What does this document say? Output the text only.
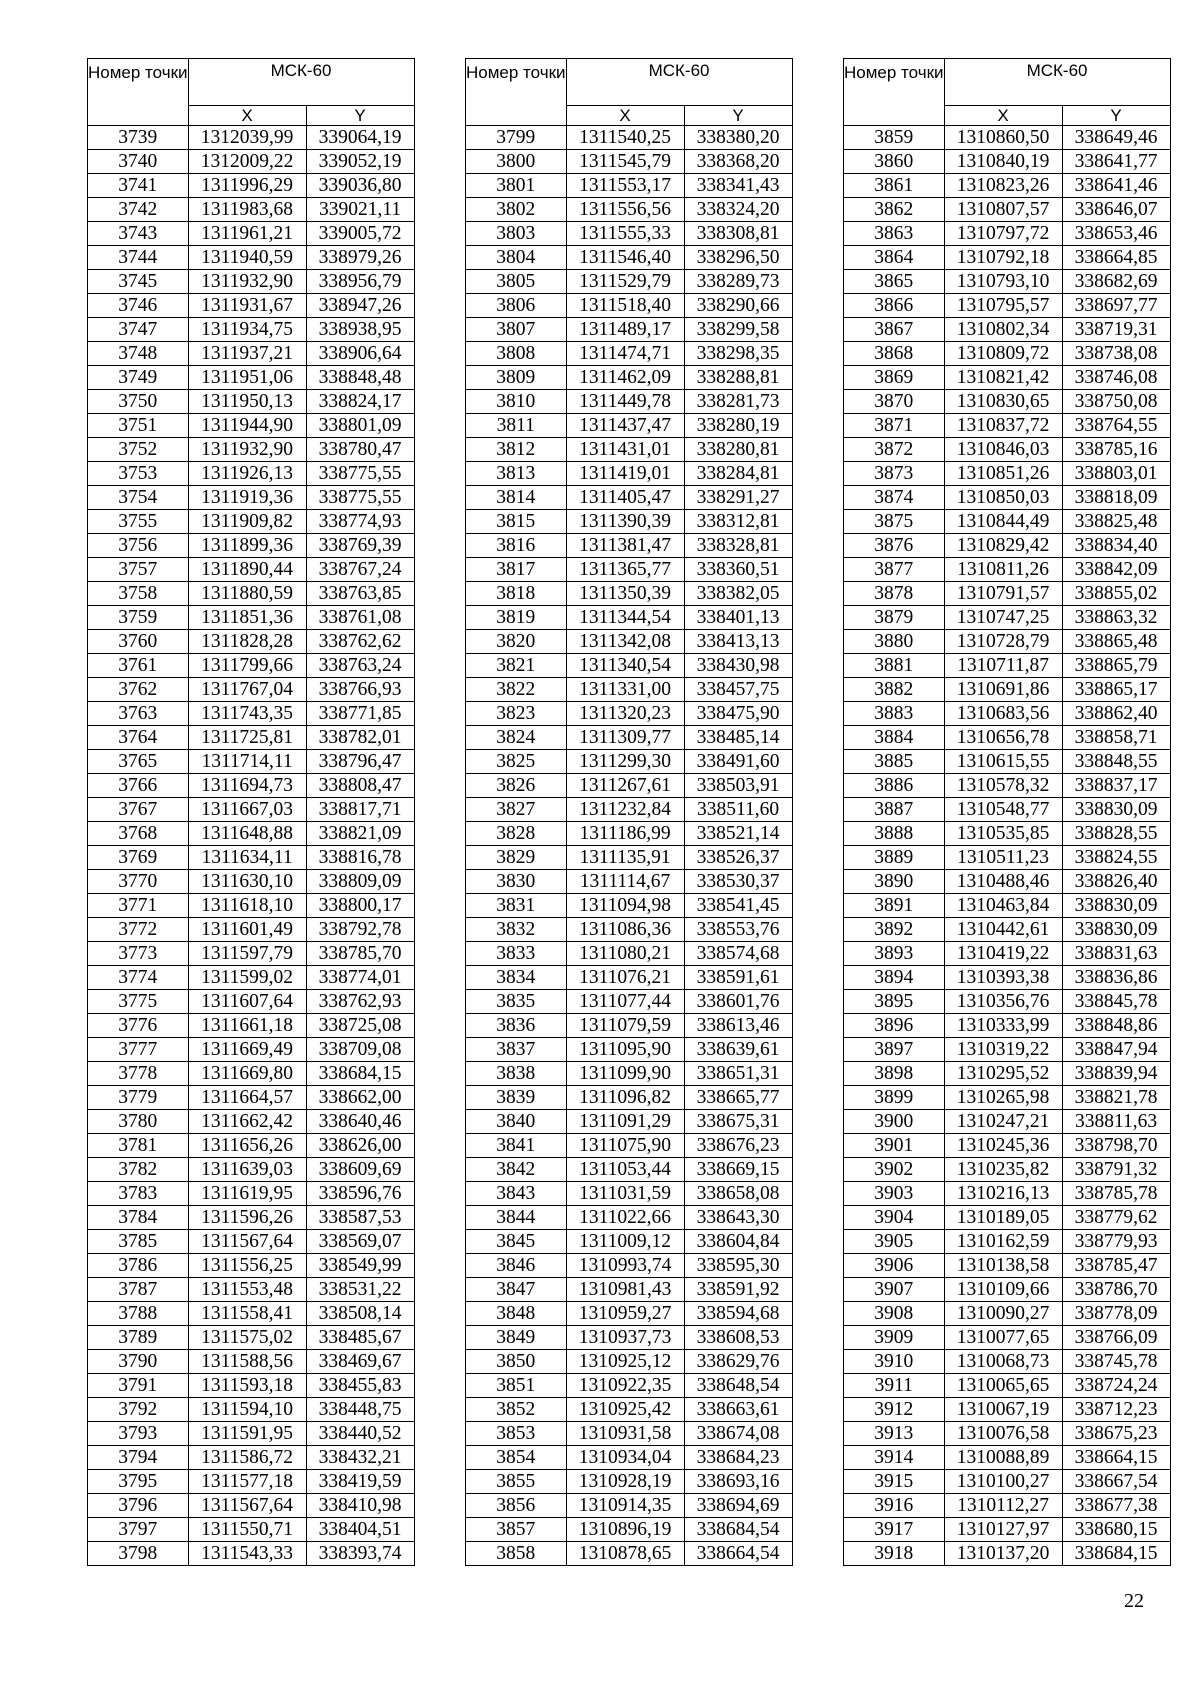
Номер точки	МСК-60	
	X	Y
3739	1312039,99	339064,19
3740	1312009,22	339052,19
3741	1311996,29	339036,80
3742	1311983,68	339021,11
3743	1311961,21	339005,72
3744	1311940,59	338979,26
3745	1311932,90	338956,79
3746	1311931,67	338947,26
3747	1311934,75	338938,95
3748	1311937,21	338906,64
3749	1311951,06	338848,48
3750	1311950,13	338824,17
3751	1311944,90	338801,09
3752	1311932,90	338780,47
3753	1311926,13	338775,55
3754	1311919,36	338775,55
3755	1311909,82	338774,93
3756	1311899,36	338769,39
3757	1311890,44	338767,24
3758	1311880,59	338763,85
3759	1311851,36	338761,08
3760	1311828,28	338762,62
3761	1311799,66	338763,24
3762	1311767,04	338766,93
3763	1311743,35	338771,85
3764	1311725,81	338782,01
3765	1311714,11	338796,47
3766	1311694,73	338808,47
3767	1311667,03	338817,71
3768	1311648,88	338821,09
3769	1311634,11	338816,78
3770	1311630,10	338809,09
3771	1311618,10	338800,17
3772	1311601,49	338792,78
3773	1311597,79	338785,70
3774	1311599,02	338774,01
3775	1311607,64	338762,93
3776	1311661,18	338725,08
3777	1311669,49	338709,08
3778	1311669,80	338684,15
3779	1311664,57	338662,00
3780	1311662,42	338640,46
3781	1311656,26	338626,00
3782	1311639,03	338609,69
3783	1311619,95	338596,76
3784	1311596,26	338587,53
3785	1311567,64	338569,07
3786	1311556,25	338549,99
3787	1311553,48	338531,22
3788	1311558,41	338508,14
3789	1311575,02	338485,67
3790	1311588,56	338469,67
3791	1311593,18	338455,83
3792	1311594,10	338448,75
3793	1311591,95	338440,52
3794	1311586,72	338432,21
3795	1311577,18	338419,59
3796	1311567,64	338410,98
3797	1311550,71	338404,51
3798	1311543,33	338393,74
Номер точки	МСК-60	
	X	Y
3799	1311540,25	338380,20
3800	1311545,79	338368,20
3801	1311553,17	338341,43
3802	1311556,56	338324,20
3803	1311555,33	338308,81
3804	1311546,40	338296,50
3805	1311529,79	338289,73
3806	1311518,40	338290,66
3807	1311489,17	338299,58
3808	1311474,71	338298,35
3809	1311462,09	338288,81
3810	1311449,78	338281,73
3811	1311437,47	338280,19
3812	1311431,01	338280,81
3813	1311419,01	338284,81
3814	1311405,47	338291,27
3815	1311390,39	338312,81
3816	1311381,47	338328,81
3817	1311365,77	338360,51
3818	1311350,39	338382,05
3819	1311344,54	338401,13
3820	1311342,08	338413,13
3821	1311340,54	338430,98
3822	1311331,00	338457,75
3823	1311320,23	338475,90
3824	1311309,77	338485,14
3825	1311299,30	338491,60
3826	1311267,61	338503,91
3827	1311232,84	338511,60
3828	1311186,99	338521,14
3829	1311135,91	338526,37
3830	1311114,67	338530,37
3831	1311094,98	338541,45
3832	1311086,36	338553,76
3833	1311080,21	338574,68
3834	1311076,21	338591,61
3835	1311077,44	338601,76
3836	1311079,59	338613,46
3837	1311095,90	338639,61
3838	1311099,90	338651,31
3839	1311096,82	338665,77
3840	1311091,29	338675,31
3841	1311075,90	338676,23
3842	1311053,44	338669,15
3843	1311031,59	338658,08
3844	1311022,66	338643,30
3845	1311009,12	338604,84
3846	1310993,74	338595,30
3847	1310981,43	338591,92
3848	1310959,27	338594,68
3849	1310937,73	338608,53
3850	1310925,12	338629,76
3851	1310922,35	338648,54
3852	1310925,42	338663,61
3853	1310931,58	338674,08
3854	1310934,04	338684,23
3855	1310928,19	338693,16
3856	1310914,35	338694,69
3857	1310896,19	338684,54
3858	1310878,65	338664,54
Номер точки	МСК-60	
	X	Y
3859	1310860,50	338649,46
3860	1310840,19	338641,77
3861	1310823,26	338641,46
3862	1310807,57	338646,07
3863	1310797,72	338653,46
3864	1310792,18	338664,85
3865	1310793,10	338682,69
3866	1310795,57	338697,77
3867	1310802,34	338719,31
3868	1310809,72	338738,08
3869	1310821,42	338746,08
3870	1310830,65	338750,08
3871	1310837,72	338764,55
3872	1310846,03	338785,16
3873	1310851,26	338803,01
3874	1310850,03	338818,09
3875	1310844,49	338825,48
3876	1310829,42	338834,40
3877	1310811,26	338842,09
3878	1310791,57	338855,02
3879	1310747,25	338863,32
3880	1310728,79	338865,48
3881	1310711,87	338865,79
3882	1310691,86	338865,17
3883	1310683,56	338862,40
3884	1310656,78	338858,71
3885	1310615,55	338848,55
3886	1310578,32	338837,17
3887	1310548,77	338830,09
3888	1310535,85	338828,55
3889	1310511,23	338824,55
3890	1310488,46	338826,40
3891	1310463,84	338830,09
3892	1310442,61	338830,09
3893	1310419,22	338831,63
3894	1310393,38	338836,86
3895	1310356,76	338845,78
3896	1310333,99	338848,86
3897	1310319,22	338847,94
3898	1310295,52	338839,94
3899	1310265,98	338821,78
3900	1310247,21	338811,63
3901	1310245,36	338798,70
3902	1310235,82	338791,32
3903	1310216,13	338785,78
3904	1310189,05	338779,62
3905	1310162,59	338779,93
3906	1310138,58	338785,47
3907	1310109,66	338786,70
3908	1310090,27	338778,09
3909	1310077,65	338766,09
3910	1310068,73	338745,78
3911	1310065,65	338724,24
3912	1310067,19	338712,23
3913	1310076,58	338675,23
3914	1310088,89	338664,15
3915	1310100,27	338667,54
3916	1310112,27	338677,38
3917	1310127,97	338680,15
3918	1310137,20	338684,15
22
